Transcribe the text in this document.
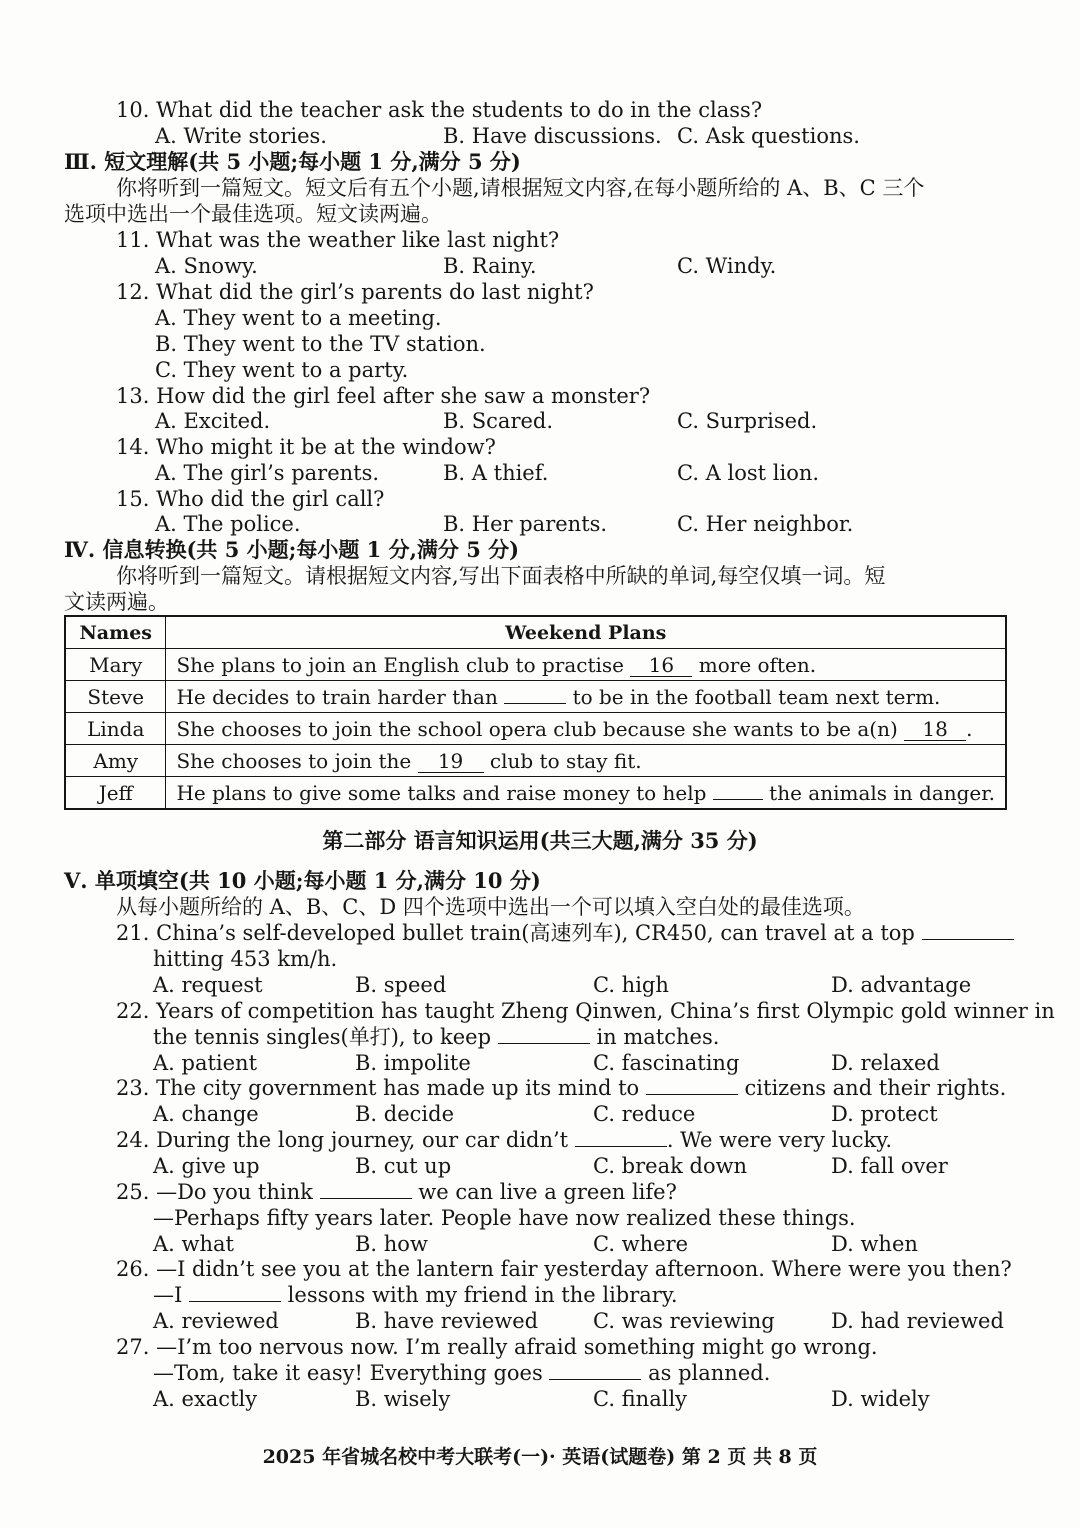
10. What did the teacher ask the students to do in the class?
A. Write stories.	B. Have discussions. C. Ask questions.
Ⅲ. 短文理解(共 5 小题;每小题 1 分,满分 5 分)
你将听到一篇短文。短文后有五个小题,请根据短文内容,在每小题所给的 A、B、C 三个
选项中选出一个最佳选项。短文读两遍。
11. What was the weather like last night?
A. Snowy.	B. Rainy.	C. Windy.
12. What did the girl’s parents do last night?
A. They went to a meeting.
B. They went to the TV station.
C. They went to a party.
13. How did the girl feel after she saw a monster?
A. Excited.	B. Scared.	C. Surprised.
14. Who might it be at the window?
A. The girl’s parents.	B. A thief.	C. A lost lion.
15. Who did the girl call?
A. The police.	B. Her parents.	C. Her neighbor.
Ⅳ. 信息转换(共 5 小题;每小题 1 分,满分 5 分)
你将听到一篇短文。请根据短文内容,写出下面表格中所缺的单词,每空仅填一词。短
文读两遍。
Names	Weekend Plans
Mary	She plans to join an English club to practise 16 more often.
Steve	He decides to train harder than to be in the football team next term.
Linda	She chooses to join the school opera club because she wants to be a(n) 18 .
Amy	She chooses to join the 19 club to stay fit.
Jeff	He plans to give some talks and raise money to help the animals in danger.
第二部分 语言知识运用(共三大题,满分 35 分)
Ⅴ. 单项填空(共 10 小题;每小题 1 分,满分 10 分)
从每小题所给的 A、B、C、D 四个选项中选出一个可以填入空白处的最佳选项。
21. China’s self-developed bullet train(高速列车), CR450, can travel at a top
hitting 453 km/h.
A. request	B. speed	C. high	D. advantage
22. Years of competition has taught Zheng Qinwen, China’s first Olympic gold winner in
the tennis singles(单打), to keep	in matches.
A. patient	B. impolite	C. fascinating	D. relaxed
23. The city government has made up its mind to	citizens and their rights.
A. change	B. decide	C. reduce	D. protect
24. During the long journey, our car didn’t	. We were very lucky.
A. give up	B. cut up	C. break down	D. fall over
25. —Do you think	we can live a green life?
—Perhaps fifty years later. People have now realized these things.
A. what	B. how	C. where	D. when
26. —I didn’t see you at the lantern fair yesterday afternoon. Where were you then?
—I	lessons with my friend in the library.
A. reviewed	B. have reviewed	C. was reviewing	D. had reviewed
27. —I’m too nervous now. I’m really afraid something might go wrong.
—Tom, take it easy! Everything goes	as planned.
A. exactly	B. wisely	C. finally	D. widely
2025 年省城名校中考大联考(一)· 英语(试题卷) 第 2 页 共 8 页
